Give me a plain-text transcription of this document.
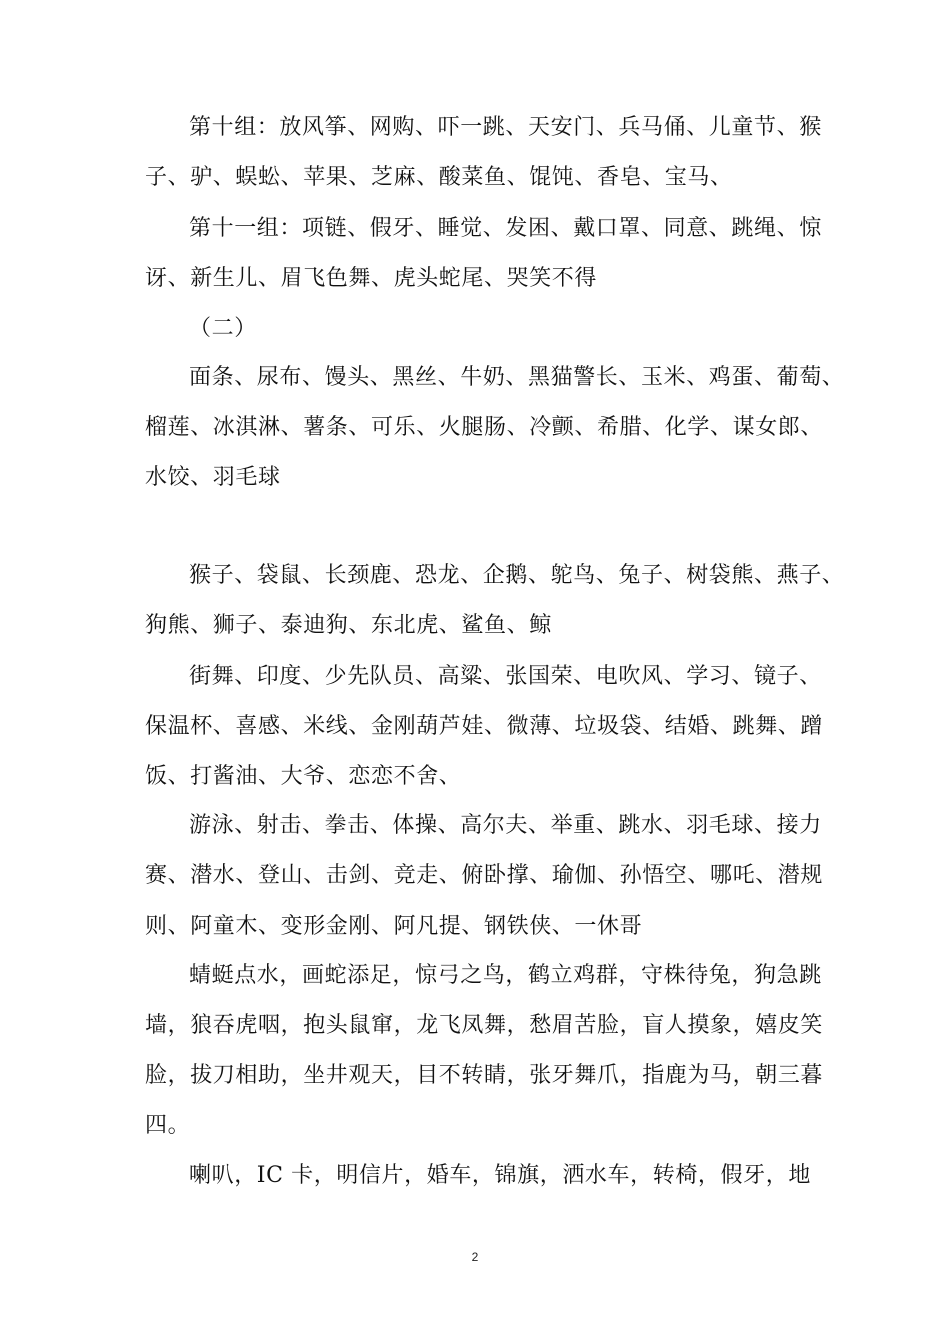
第十组：放风筝、网购、吓一跳、天安门、兵马俑、儿童节、猴
子、驴、蜈蚣、苹果、芝麻、酸菜鱼、馄饨、香皂、宝马、
第十一组：项链、假牙、睡觉、发困、戴口罩、同意、跳绳、惊
讶、新生儿、眉飞色舞、虎头蛇尾、哭笑不得
（二）
面条、尿布、馒头、黑丝、牛奶、黑猫警长、玉米、鸡蛋、葡萄、
榴莲、冰淇淋、薯条、可乐、火腿肠、冷颤、希腊、化学、谋女郎、
水饺、羽毛球
猴子、袋鼠、长颈鹿、恐龙、企鹅、鸵鸟、兔子、树袋熊、燕子、
狗熊、狮子、泰迪狗、东北虎、鲨鱼、鲸
街舞、印度、少先队员、高粱、张国荣、电吹风、学习、镜子、
保温杯、喜感、米线、金刚葫芦娃、微薄、垃圾袋、结婚、跳舞、蹭
饭、打酱油、大爷、恋恋不舍、
游泳、射击、拳击、体操、高尔夫、举重、跳水、羽毛球、接力
赛、潜水、登山、击剑、竞走、俯卧撑、瑜伽、孙悟空、哪吒、潜规
则、阿童木、变形金刚、阿凡提、钢铁侠、一休哥
蜻蜓点水，画蛇添足，惊弓之鸟，鹤立鸡群，守株待兔，狗急跳
墙，狼吞虎咽，抱头鼠窜，龙飞凤舞，愁眉苦脸，盲人摸象，嬉皮笑
脸，拔刀相助，坐井观天，目不转睛，张牙舞爪，指鹿为马，朝三暮
四。
喇叭，IC 卡，明信片，婚车，锦旗，洒水车，转椅，假牙，地
2
